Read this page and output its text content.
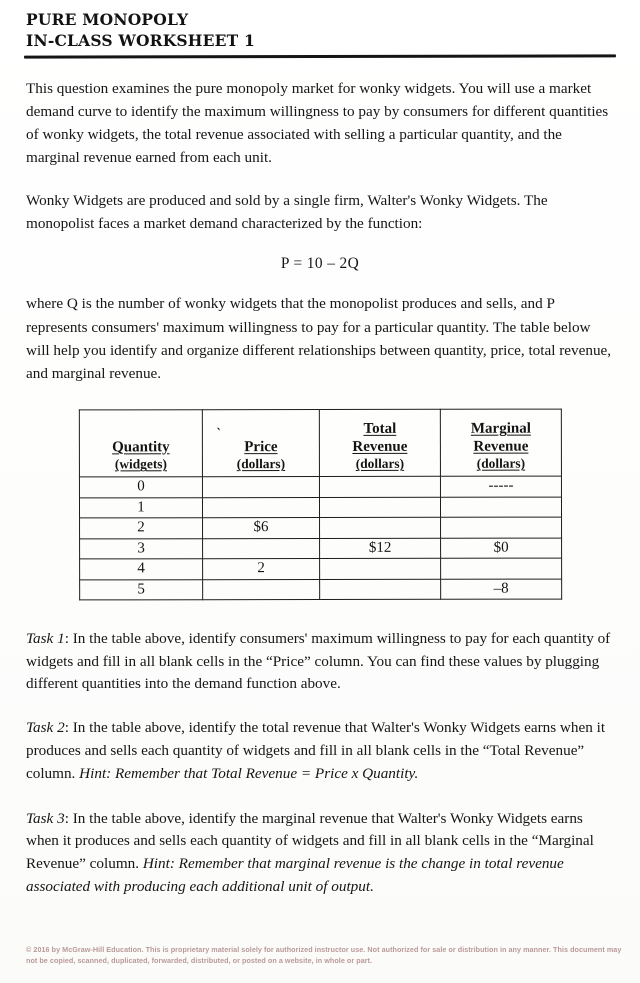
PURE MONOPOLY
IN-CLASS WORKSHEET 1

This question examines the pure monopoly market for wonky widgets. You will use a market demand curve to identify the maximum willingness to pay by consumers for different quantities of wonky widgets, the total revenue associated with selling a particular quantity, and the marginal revenue earned from each unit.

Wonky Widgets are produced and sold by a single firm, Walter's Wonky Widgets. The monopolist faces a market demand characterized by the function:

P = 10 – 2Q

where Q is the number of wonky widgets that the monopolist produces and sells, and P represents consumers' maximum willingness to pay for a particular quantity. The table below will help you identify and organize different relationships between quantity, price, total revenue, and marginal revenue.

Quantity
(widgets)	`
Price
(dollars)	Total
Revenue
(dollars)	Marginal
Revenue
(dollars)

0			-----
1			
2	$6		
3		$12	$0
4	2		
5			–8

Task 1: In the table above, identify consumers' maximum willingness to pay for each quantity of widgets and fill in all blank cells in the “Price” column. You can find these values by plugging different quantities into the demand function above.

Task 2: In the table above, identify the total revenue that Walter's Wonky Widgets earns when it produces and sells each quantity of widgets and fill in all blank cells in the “Total Revenue” column. Hint: Remember that Total Revenue = Price x Quantity.

Task 3: In the table above, identify the marginal revenue that Walter's Wonky Widgets earns when it produces and sells each quantity of widgets and fill in all blank cells in the “Marginal Revenue” column. Hint: Remember that marginal revenue is the change in total revenue associated with producing each additional unit of output.

© 2016 by McGraw-Hill Education. This is proprietary material solely for authorized instructor use. Not authorized for sale or distribution in any manner. This document may not be copied, scanned, duplicated, forwarded, distributed, or posted on a website, in whole or part.
